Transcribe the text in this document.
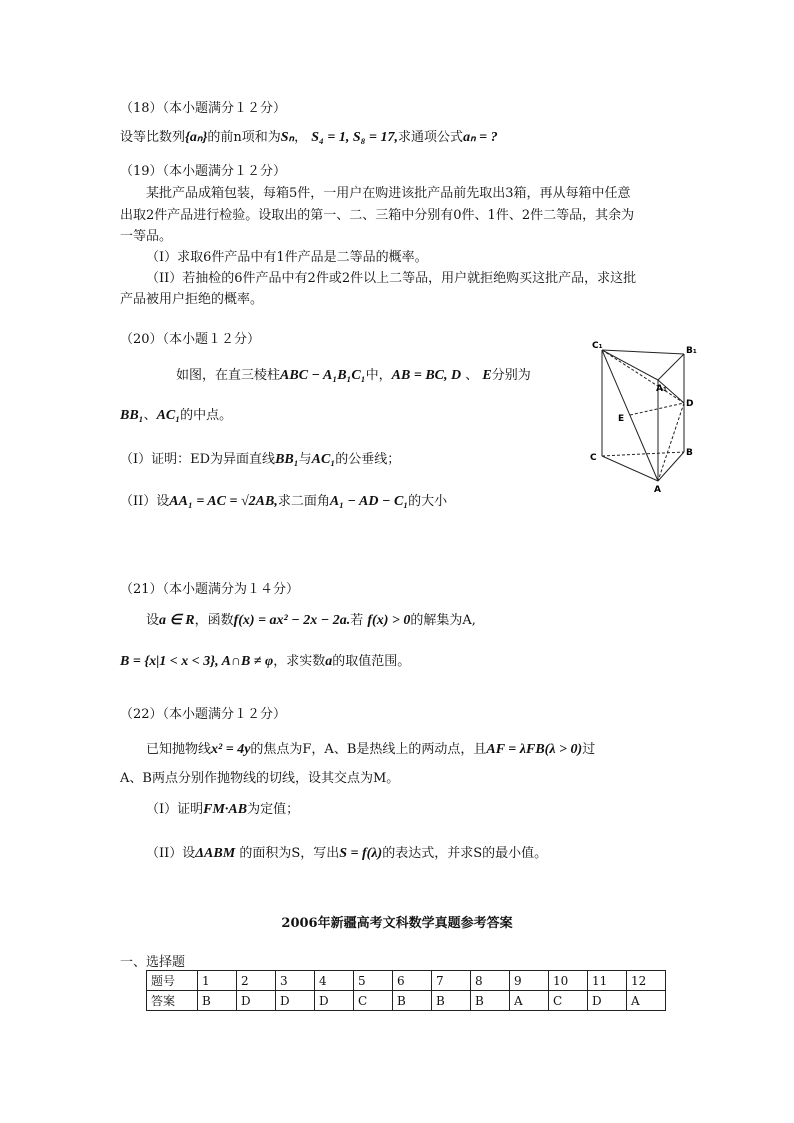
（18）（本小题满分１２分）
设等比数列{aₙ}的前n项和为Sₙ， S₄ = 1, S₈ = 17,求通项公式aₙ = ?
（19）（本小题满分１２分）
某批产品成箱包装，每箱5件，一用户在购进该批产品前先取出3箱，再从每箱中任意
出取2件产品进行检验。设取出的第一、二、三箱中分别有0件、1件、2件二等品，其余为
一等品。
（I）求取6件产品中有1件产品是二等品的概率。
（II）若抽检的6件产品中有2件或2件以上二等品，用户就拒绝购买这批产品，求这批
产品被用户拒绝的概率。
（20）（本小题１２分）
如图，在直三棱柱ABC − A₁B₁C₁中，AB = BC, D 、 E分别为
BB₁、AC₁的中点。
（I）证明：ED为异面直线BB₁与AC₁的公垂线；
（II）设AA₁ = AC = √2AB,求二面角A₁ − AD − C₁的大小
C₁	B₁
A₁
D
E
C	B
A
（21）（本小题满分为１４分）
设a ∈ R，函数f(x) = ax² − 2x − 2a.若 f(x) > 0的解集为A,
B = {x|1 < x < 3}, A∩B ≠ φ，求实数a的取值范围。
（22）（本小题满分１２分）
已知抛物线x² = 4y的焦点为F，A、B是热线上的两动点，且AF = λFB(λ > 0)过
A、B两点分别作抛物线的切线，设其交点为M。
（I）证明FM·AB为定值；
（II）设ΔABM 的面积为S，写出S = f(λ)的表达式，并求S的最小值。
2006年新疆高考文科数学真题参考答案
一、选择题
题号	1	2	3	4	5	6	7	8	9	10	11	12
答案	B	D	D	D	C	B	B	B	A	C	D	A
